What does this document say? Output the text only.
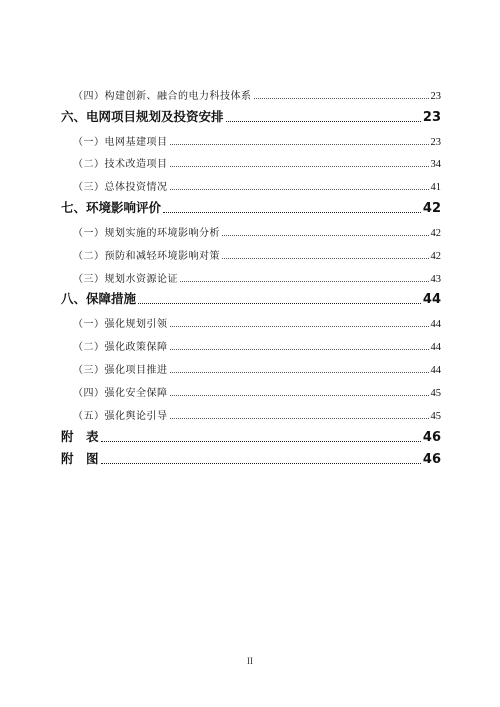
（四）构建创新、融合的电力科技体系	23
六、电网项目规划及投资安排	23
（一）电网基建项目	23
（二）技术改造项目	34
（三）总体投资情况	41
七、环境影响评价	42
（一）规划实施的环境影响分析	42
（二）预防和减轻环境影响对策	42
（三）规划水资源论证	43
八、保障措施	44
（一）强化规划引领	44
（二）强化政策保障	44
（三）强化项目推进	44
（四）强化安全保障	45
（五）强化舆论引导	45
附　表	46
附　图	46
II
